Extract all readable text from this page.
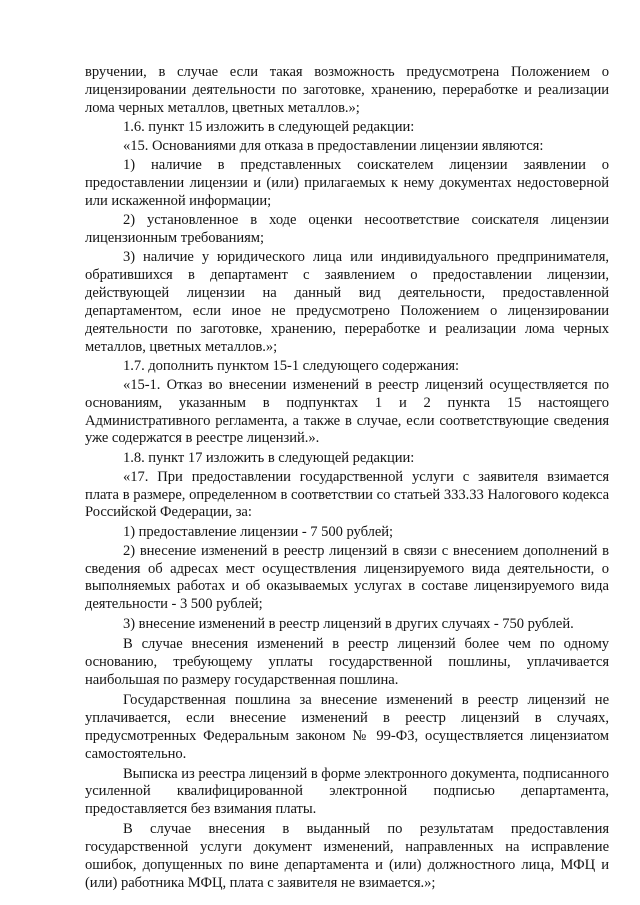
вручении, в случае если такая возможность предусмотрена Положением о лицензировании деятельности по заготовке, хранению, переработке и реализации лома черных металлов, цветных металлов.»;

1.6. пункт 15 изложить в следующей редакции:

«15. Основаниями для отказа в предоставлении лицензии являются:

1) наличие в представленных соискателем лицензии заявлении о предоставлении лицензии и (или) прилагаемых к нему документах недостоверной или искаженной информации;

2) установленное в ходе оценки несоответствие соискателя лицензии лицензионным требованиям;

3) наличие у юридического лица или индивидуального предпринимателя, обратившихся в департамент с заявлением о предоставлении лицензии, действующей лицензии на данный вид деятельности, предоставленной департаментом, если иное не предусмотрено Положением о лицензировании деятельности по заготовке, хранению, переработке и реализации лома черных металлов, цветных металлов.»;

1.7. дополнить пунктом 15-1 следующего содержания:

«15-1. Отказ во внесении изменений в реестр лицензий осуществляется по основаниям, указанным в подпунктах 1 и 2 пункта 15 настоящего Административного регламента, а также в случае, если соответствующие сведения уже содержатся в реестре лицензий.».

1.8. пункт 17 изложить в следующей редакции:

«17. При предоставлении государственной услуги с заявителя взимается плата в размере, определенном в соответствии со статьей 333.33 Налогового кодекса Российской Федерации, за:

1) предоставление лицензии - 7 500 рублей;

2) внесение изменений в реестр лицензий в связи с внесением дополнений в сведения об адресах мест осуществления лицензируемого вида деятельности, о выполняемых работах и об оказываемых услугах в составе лицензируемого вида деятельности - 3 500 рублей;

3) внесение изменений в реестр лицензий в других случаях - 750 рублей.

В случае внесения изменений в реестр лицензий более чем по одному основанию, требующему уплаты государственной пошлины, уплачивается наибольшая по размеру государственная пошлина.

Государственная пошлина за внесение изменений в реестр лицензий не уплачивается, если внесение изменений в реестр лицензий в случаях, предусмотренных Федеральным законом № 99-ФЗ, осуществляется лицензиатом самостоятельно.

Выписка из реестра лицензий в форме электронного документа, подписанного усиленной квалифицированной электронной подписью департамента, предоставляется без взимания платы.

В случае внесения в выданный по результатам предоставления государственной услуги документ изменений, направленных на исправление ошибок, допущенных по вине департамента и (или) должностного лица, МФЦ и (или) работника МФЦ, плата с заявителя не взимается.»;
